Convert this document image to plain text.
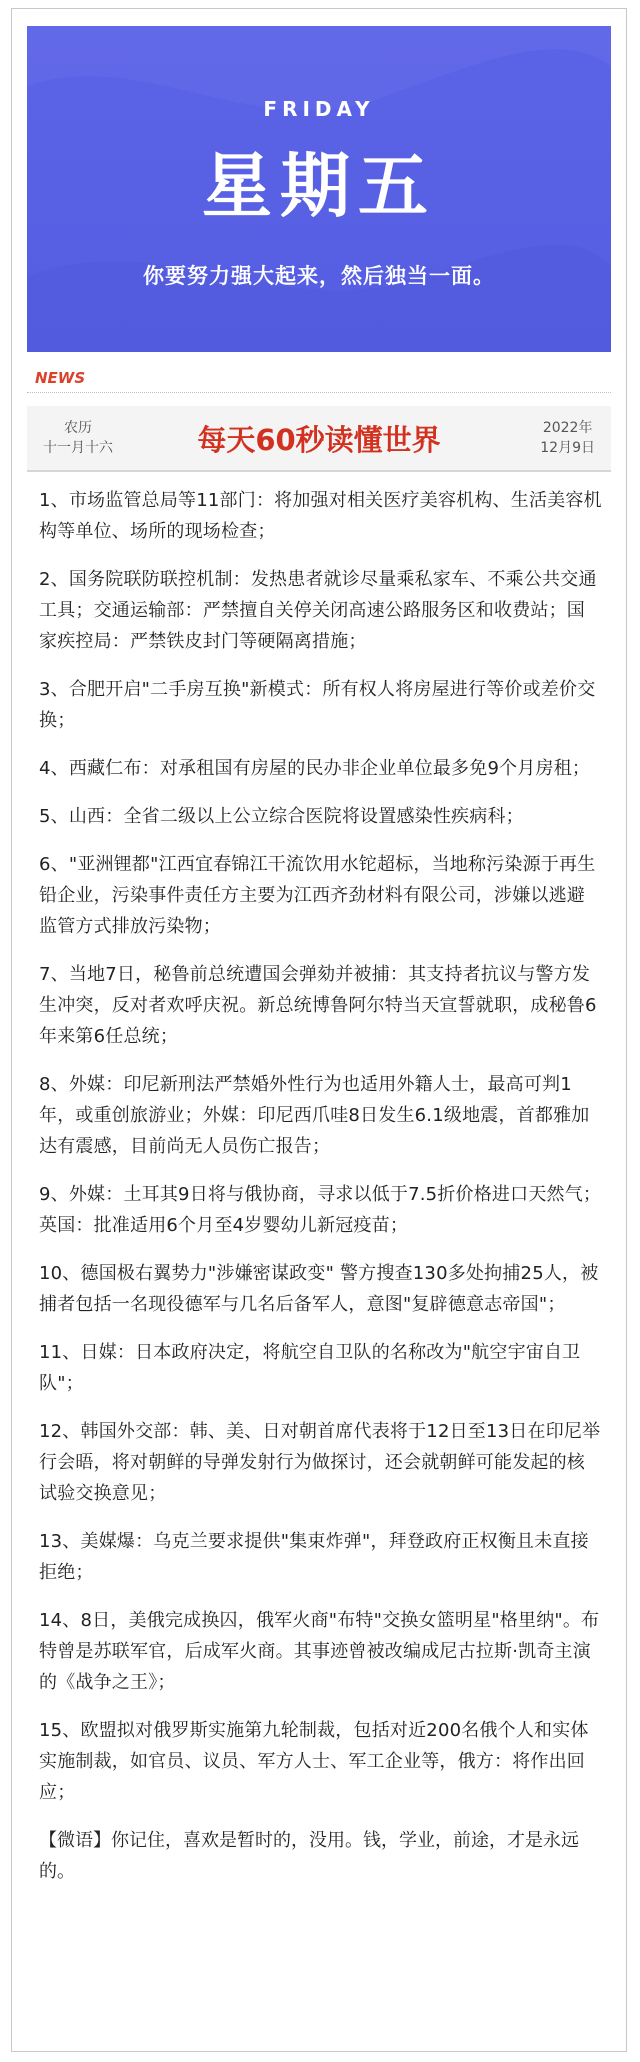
FRIDAY
星期五
你要努力强大起来，然后独当一面。
NEWS
农历
十一月十六	每天60秒读懂世界	2022年
12月9日

1、市场监管总局等11部门：将加强对相关医疗美容机构、生活美容机构等单位、场所的现场检查；

2、国务院联防联控机制：发热患者就诊尽量乘私家车、不乘公共交通工具；交通运输部：严禁擅自关停关闭高速公路服务区和收费站；国家疾控局：严禁铁皮封门等硬隔离措施；

3、合肥开启"二手房互换"新模式：所有权人将房屋进行等价或差价交换；

4、西藏仁布：对承租国有房屋的民办非企业单位最多免9个月房租；

5、山西：全省二级以上公立综合医院将设置感染性疾病科；

6、"亚洲锂都"江西宜春锦江干流饮用水铊超标，当地称污染源于再生铅企业，污染事件责任方主要为江西齐劲材料有限公司，涉嫌以逃避监管方式排放污染物；

7、当地7日，秘鲁前总统遭国会弹劾并被捕：其支持者抗议与警方发生冲突，反对者欢呼庆祝。新总统博鲁阿尔特当天宣誓就职，成秘鲁6年来第6任总统；

8、外媒：印尼新刑法严禁婚外性行为也适用外籍人士，最高可判1年，或重创旅游业；外媒：印尼西爪哇8日发生6.1级地震，首都雅加达有震感，目前尚无人员伤亡报告；

9、外媒：土耳其9日将与俄协商，寻求以低于7.5折价格进口天然气；英国：批准适用6个月至4岁婴幼儿新冠疫苗；

10、德国极右翼势力"涉嫌密谋政变" 警方搜查130多处拘捕25人，被捕者包括一名现役德军与几名后备军人，意图"复辟德意志帝国"；

11、日媒：日本政府决定，将航空自卫队的名称改为"航空宇宙自卫队"；

12、韩国外交部：韩、美、日对朝首席代表将于12日至13日在印尼举行会晤，将对朝鲜的导弹发射行为做探讨，还会就朝鲜可能发起的核试验交换意见；

13、美媒爆：乌克兰要求提供"集束炸弹"，拜登政府正权衡且未直接拒绝；

14、8日，美俄完成换囚，俄军火商"布特"交换女篮明星"格里纳"。布特曾是苏联军官，后成军火商。其事迹曾被改编成尼古拉斯·凯奇主演的《战争之王》；

15、欧盟拟对俄罗斯实施第九轮制裁，包括对近200名俄个人和实体实施制裁，如官员、议员、军方人士、军工企业等，俄方：将作出回应；

【微语】你记住，喜欢是暂时的，没用。钱，学业，前途，才是永远的。
